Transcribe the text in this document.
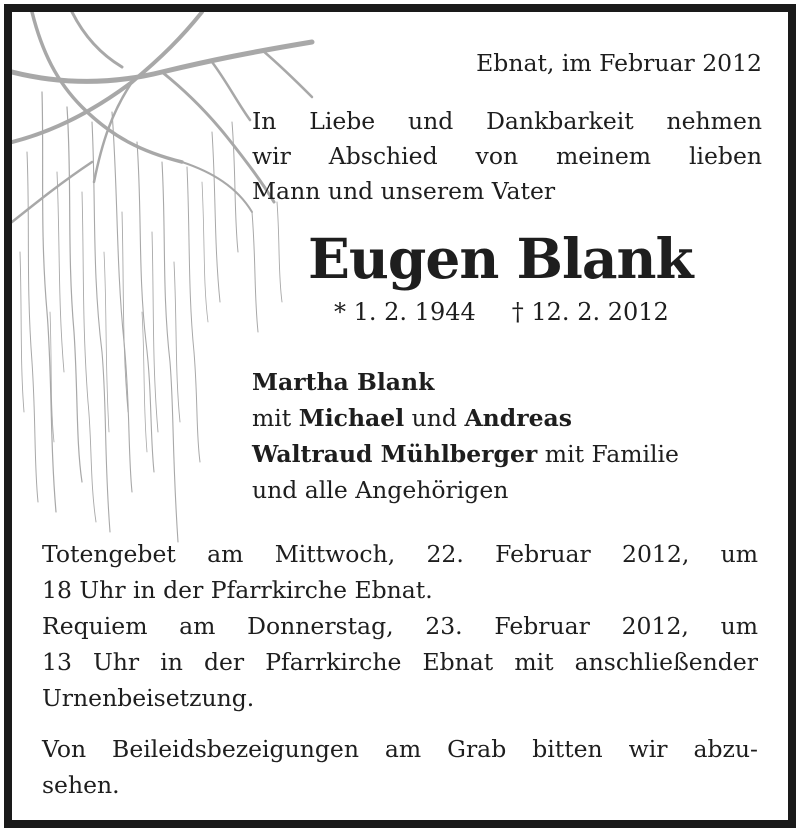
Ebnat, im Februar 2012
In Liebe und Dankbarkeit nehmen
wir Abschied von meinem lieben
Mann und unserem Vater
Eugen Blank
* 1. 2. 1944 † 12. 2. 2012
Martha Blank
mit Michael und Andreas
Waltraud Mühlberger mit Familie
und alle Angehörigen
Totengebet am Mittwoch, 22. Februar 2012, um
18 Uhr in der Pfarrkirche Ebnat.
Requiem am Donnerstag, 23. Februar 2012, um
13 Uhr in der Pfarrkirche Ebnat mit anschließender
Urnenbeisetzung.
Von Beileidsbezeigungen am Grab bitten wir abzu-
sehen.
